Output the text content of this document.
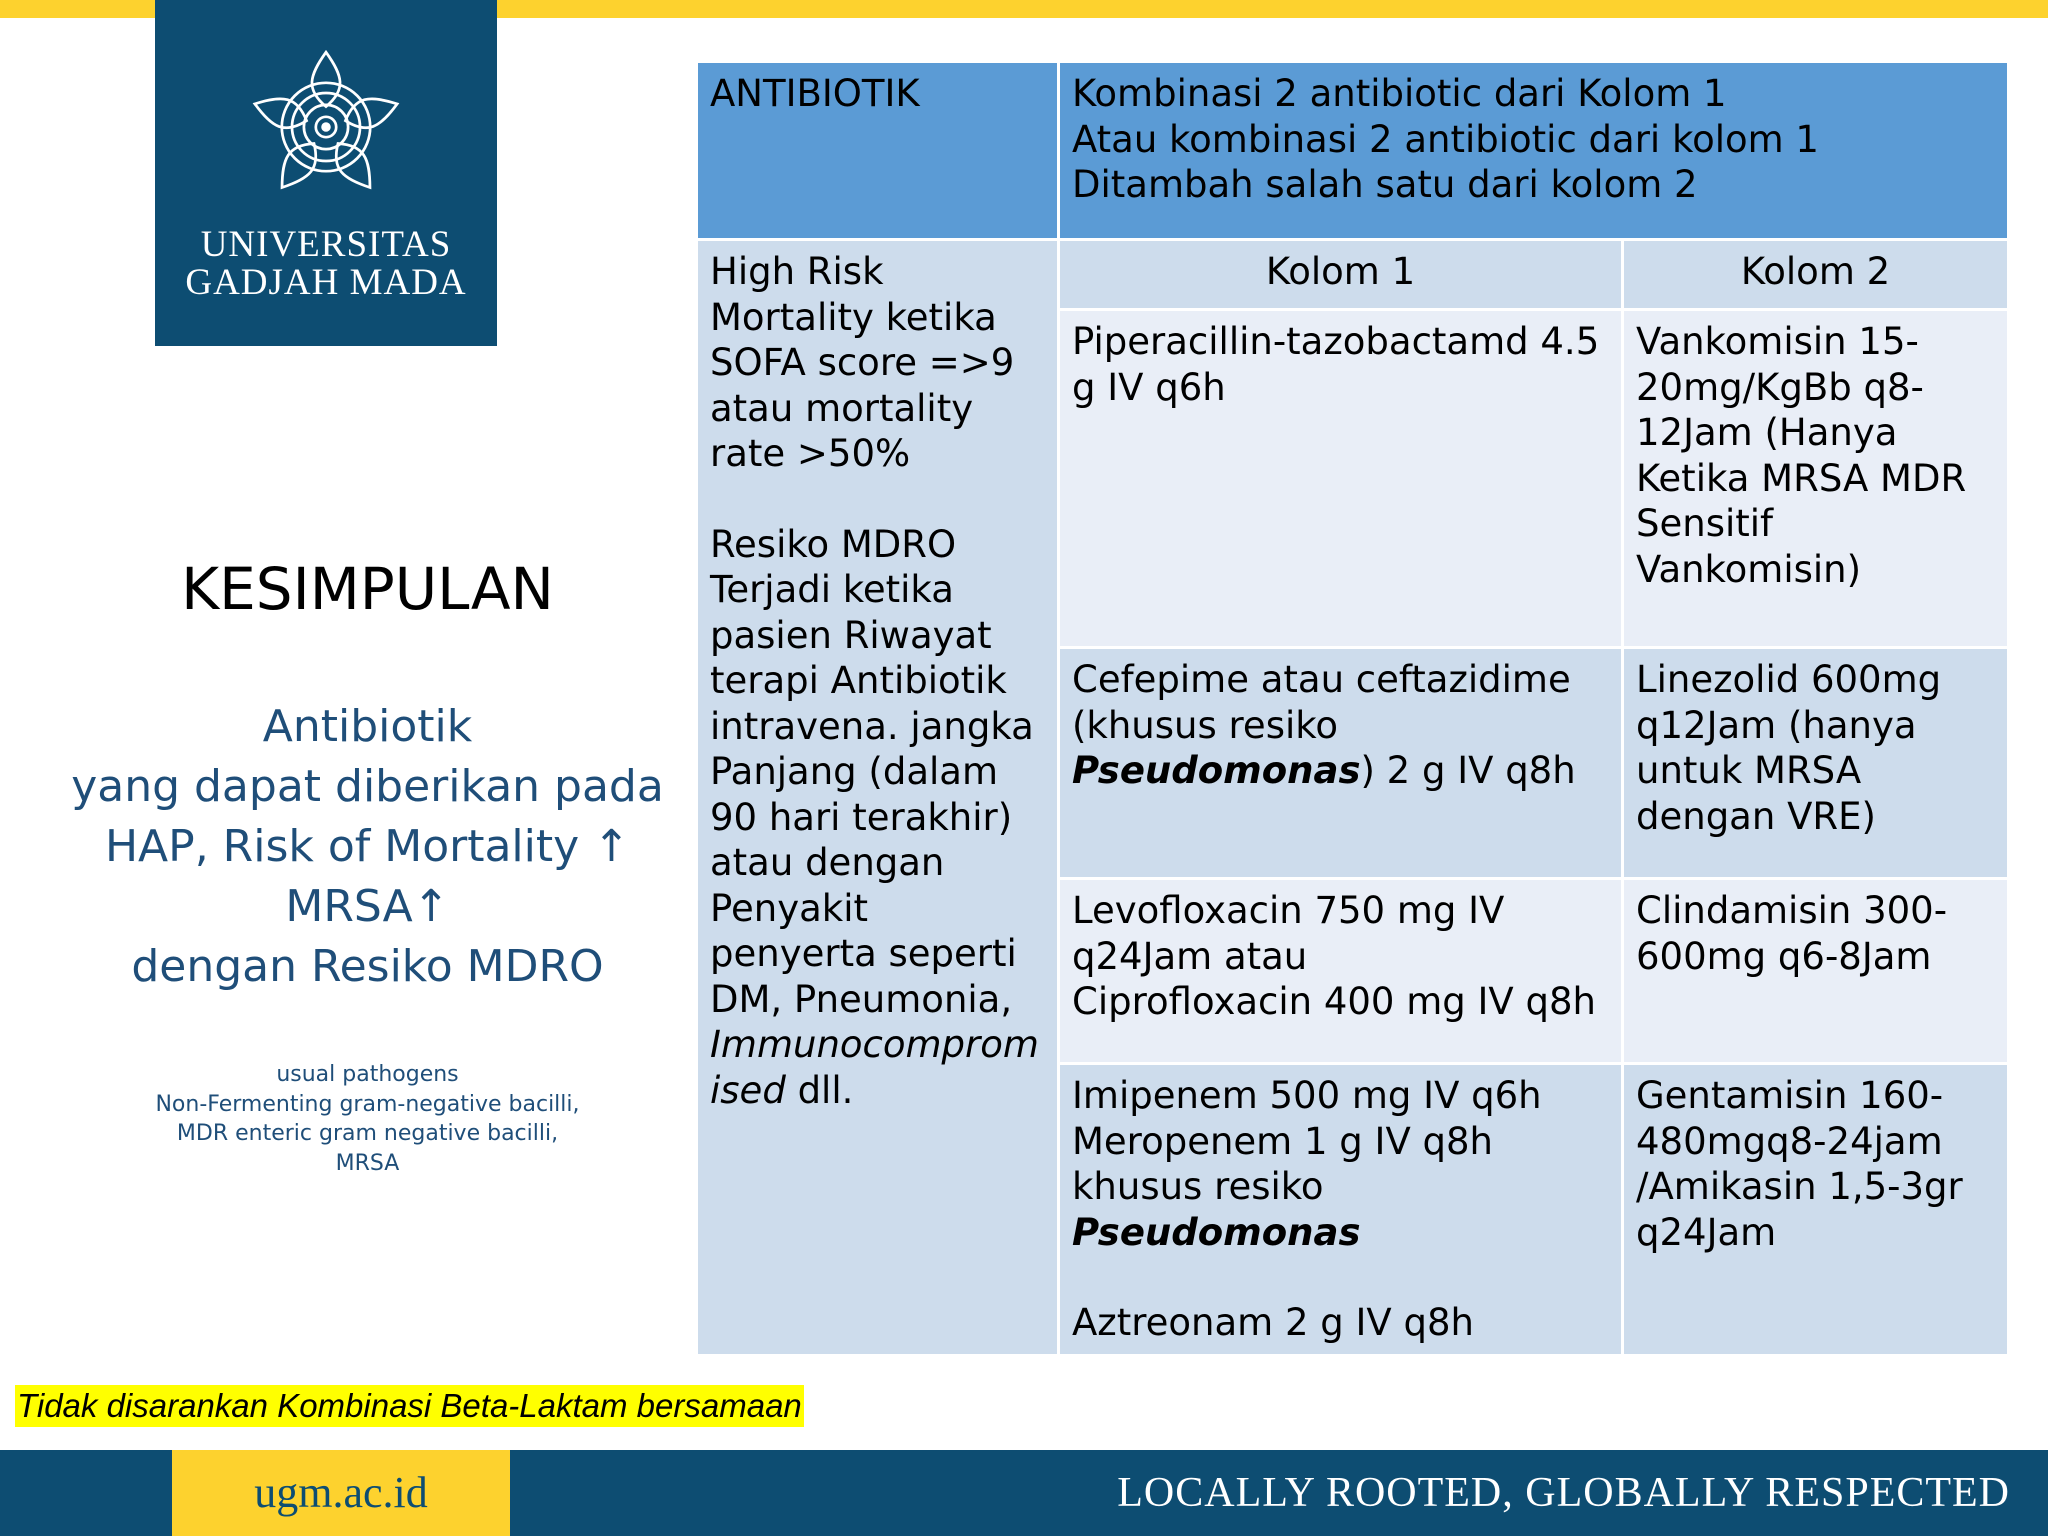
UNIVERSITAS
GADJAH MADA
KESIMPULAN
Antibiotik
yang dapat diberikan pada
HAP, Risk of Mortality ↑
MRSA↑
dengan Resiko MDRO
usual pathogens
Non-Fermenting gram-negative bacilli,
MDR enteric gram negative bacilli,
MRSA
ANTIBIOTIK	Kombinasi 2 antibiotic dari Kolom 1
Atau kombinasi 2 antibiotic dari kolom 1
Ditambah salah satu dari kolom 2	

High Risk Mortality ketika SOFA score =>9 atau mortality rate >50%
Resiko MDRO Terjadi ketika pasien Riwayat terapi Antibiotik intravena. jangka Panjang (dalam 90 hari terakhir) atau dengan Penyakit penyerta seperti DM, Pneumonia, Immunocomprom ised dll.	Kolom 1	Kolom 2
	Piperacillin-tazobactamd 4.5 g IV q6h	Vankomisin 15-20mg/KgBb q8-12Jam (Hanya Ketika MRSA MDR Sensitif Vankomisin)
	Cefepime atau ceftazidime (khusus resiko Pseudomonas) 2 g IV q8h	Linezolid 600mg q12Jam (hanya untuk MRSA dengan VRE)

	Levofloxacin 750 mg IV q24Jam atau
Ciprofloxacin 400 mg IV q8h	Clindamisin 300-600mg q6-8Jam

	Imipenem 500 mg IV q6h
Meropenem 1 g IV q8h
khusus resiko Pseudomonas
Aztreonam 2 g IV q8h	Gentamisin 160-480mgq8-24jam /Amikasin 1,5-3gr q24Jam
Tidak disarankan Kombinasi Beta-Laktam bersamaan
ugm.ac.id	LOCALLY ROOTED, GLOBALLY RESPECTED
